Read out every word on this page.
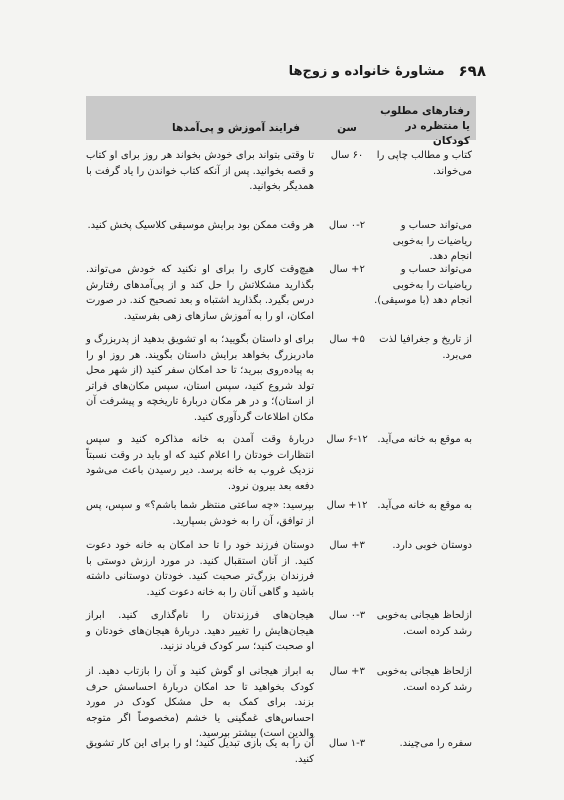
۶۹۸
مشاورهٔ خانواده و زوج‌ها
رفتارهای مطلوب یا منتظره در کودکان
سن
فرایند آموزش و پی‌آمدها
کتاب و مطالب چاپی را می‌خواند.
۶۰ سال
تا وقتی بتواند برای خودش بخواند هر روز برای او کتاب و قصه بخوانید. پس از آنکه کتاب خواندن را یاد گرفت با همدیگر بخوانید.
می‌تواند حساب و ریاضیات را به‌خوبی انجام دهد.
۰-۲ سال
هر وقت ممکن بود برایش موسیقی کلاسیک پخش کنید.
می‌تواند حساب و ریاضیات را به‌خوبی انجام دهد (با موسیقی).
۲+ سال
هیچ‌وقت کاری را برای او نکنید که خودش می‌تواند. بگذارید مشکلاتش را حل کند و از پی‌آمدهای رفتارش درس بگیرد. بگذارید اشتباه و بعد تصحیح کند. در صورت امکان، او را به آموزش سازهای زهی بفرستید.
از تاریخ و جغرافیا لذت می‌برد.
۵+ سال
برای او داستان بگویید؛ به او تشویق بدهید از پدربزرگ و مادربزرگ بخواهد برایش داستان بگویند. هر روز او را به پیاده‌روی ببرید؛ تا حد امکان سفر کنید (از شهر محل تولد شروع کنید، سپس استان، سپس مکان‌های فراتر از استان)؛ و در هر مکان دربارهٔ تاریخچه و پیشرفت آن مکان اطلاعات گردآوری کنید.
به موقع به خانه می‌آید.
۶-۱۲ سال
دربارهٔ وقت آمدن به خانه مذاکره کنید و سپس انتظارات خودتان را اعلام کنید که او باید در وقت نسبتاً نزدیک غروب به خانه برسد. دیر رسیدن باعث می‌شود دفعه بعد بیرون نرود.
به موقع به خانه می‌آید.
۱۲+ سال
بپرسید: «چه ساعتی منتظر شما باشم؟» و سپس، پس از توافق، آن را به خودش بسپارید.
دوستان خوبی دارد.
۳+ سال
دوستان فرزند خود را تا حد امکان به خانه خود دعوت کنید. از آنان استقبال کنید. در مورد ارزش دوستی با فرزندان بزرگ‌تر صحبت کنید. خودتان دوستانی داشته باشید و گاهی آنان را به خانه دعوت کنید.
ازلحاظ هیجانی به‌خوبی رشد کرده است.
۰-۳ سال
هیجان‌های فرزندتان را نام‌گذاری کنید. ابراز هیجان‌هایش را تغییر دهید. دربارهٔ هیجان‌های خودتان و او صحبت کنید؛ سر کودک فریاد نزنید.
ازلحاظ هیجانی به‌خوبی رشد کرده است.
۳+ سال
به ابراز هیجانی او گوش کنید و آن را بازتاب دهید. از کودک بخواهید تا حد امکان دربارهٔ احساسش حرف بزند. برای کمک به حل مشکل کودک در مورد احساس‌های غمگینی یا خشم (مخصوصاً اگر متوجه والدین است) بیشتر بپرسید.
سفره را می‌چیند.
۱-۳ سال
آن را به یک بازی تبدیل کنید؛ او را برای این کار تشویق کنید.
